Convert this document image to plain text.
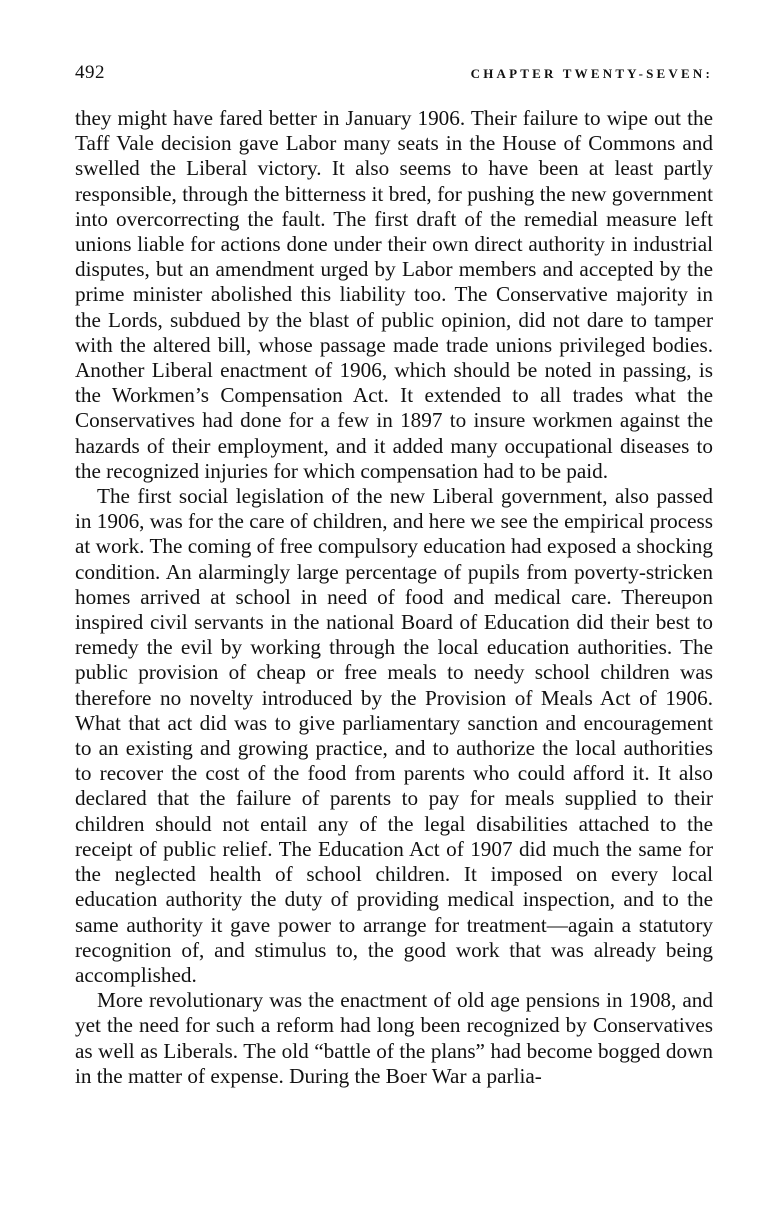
492	CHAPTER TWENTY-SEVEN:

they might have fared better in January 1906. Their failure to wipe out the Taff Vale decision gave Labor many seats in the House of Commons and swelled the Liberal victory. It also seems to have been at least partly responsible, through the bitterness it bred, for pushing the new government into overcorrecting the fault. The first draft of the remedial measure left unions liable for actions done under their own direct authority in industrial disputes, but an amendment urged by Labor members and accepted by the prime minister abolished this liability too. The Conservative majority in the Lords, subdued by the blast of public opinion, did not dare to tamper with the altered bill, whose passage made trade unions privileged bodies. Another Liberal enactment of 1906, which should be noted in passing, is the Workmen’s Compensation Act. It extended to all trades what the Conservatives had done for a few in 1897 to insure workmen against the hazards of their employment, and it added many occupational diseases to the recognized injuries for which compensation had to be paid.

The first social legislation of the new Liberal government, also passed in 1906, was for the care of children, and here we see the empirical process at work. The coming of free compulsory education had exposed a shocking condition. An alarmingly large percentage of pupils from poverty-stricken homes arrived at school in need of food and medical care. Thereupon inspired civil servants in the national Board of Education did their best to remedy the evil by working through the local education authorities. The public provision of cheap or free meals to needy school children was therefore no novelty introduced by the Provision of Meals Act of 1906. What that act did was to give parliamentary sanction and encouragement to an existing and growing practice, and to authorize the local authorities to recover the cost of the food from parents who could afford it. It also declared that the failure of parents to pay for meals supplied to their children should not entail any of the legal disabilities attached to the receipt of public relief. The Education Act of 1907 did much the same for the neglected health of school children. It imposed on every local education authority the duty of providing medical inspection, and to the same authority it gave power to arrange for treatment—again a statutory recognition of, and stimulus to, the good work that was already being accomplished.

More revolutionary was the enactment of old age pensions in 1908, and yet the need for such a reform had long been recognized by Conservatives as well as Liberals. The old “battle of the plans” had become bogged down in the matter of expense. During the Boer War a parlia-
